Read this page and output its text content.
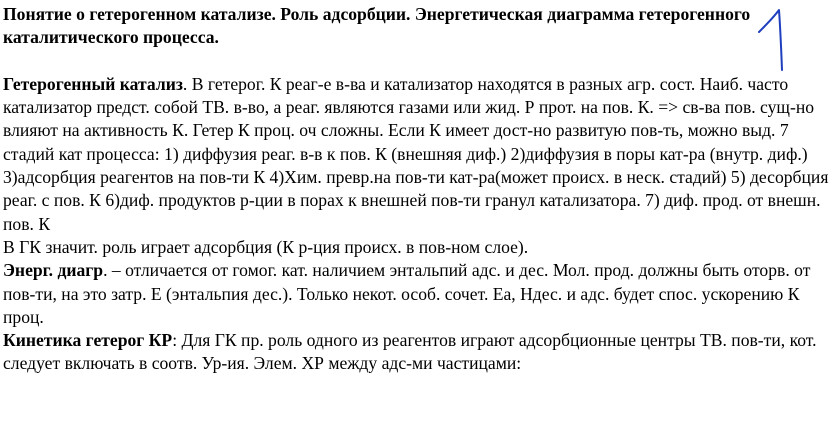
Понятие о гетерогенном катализе. Роль адсорбции. Энергетическая диаграмма гетерогенного каталитического процесса.

Гетерогенный катализ. В гетерог. К реаг-е в-ва и катализатор находятся в разных агр. сост. Наиб. часто катализатор предст. собой ТВ. в-во, а реаг. являются газами или жид. Р прот. на пов. К. => св-ва пов. сущ-но влияют на активность К. Гетер К проц. оч сложны. Если К имеет дост-но развитую пов-ть, можно выд. 7 стадий кат процесса: 1) диффузия реаг. в-в к пов. К (внешняя диф.) 2)диффузия в поры кат-ра (внутр. диф.) 3)адсорбция реагентов на пов-ти К 4)Хим. превр.на пов-ти кат-ра(может происх. в неск. стадий) 5) десорбция реаг. с пов. К 6)диф. продуктов р-ции в порах к внешней пов-ти гранул катализатора. 7) диф. прод. от внешн. пов. К

В ГК значит. роль играет адсорбция (К р-ция происх. в пов-ном слое).

Энерг. диагр. – отличается от гомог. кат. наличием энтальпий адс. и дес. Мол. прод. должны быть оторв. от пов-ти, на это затр. Е (энтальпия дес.). Только некот. особ. сочет. Еа, Ндес. и адс. будет спос. ускорению К проц.

Кинетика гетерог КР: Для ГК пр. роль одного из реагентов играют адсорбционные центры ТВ. пов-ти, кот. следует включать в соотв. Ур-ия. Элем. ХР между адс-ми частицами:
